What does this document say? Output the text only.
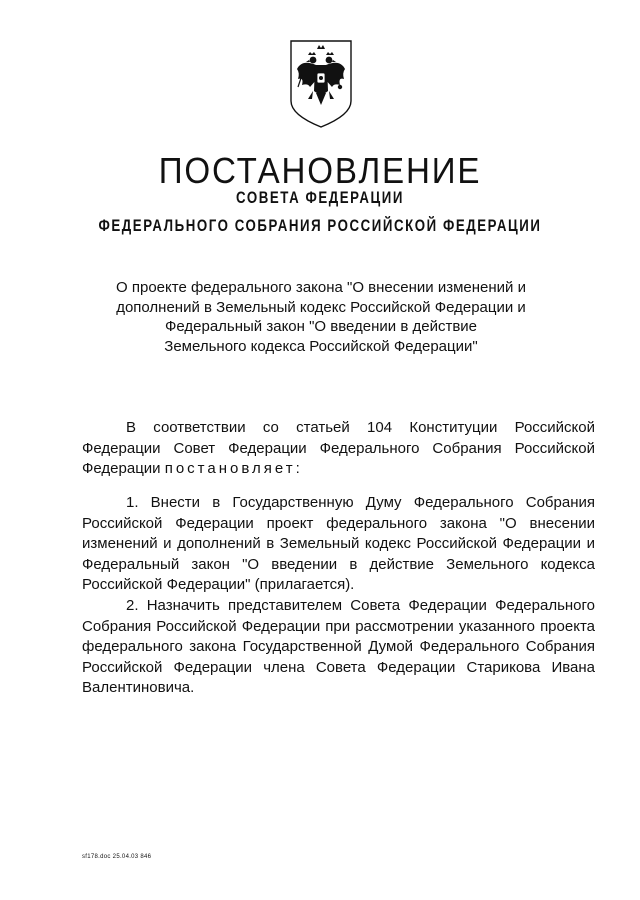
ПОСТАНОВЛЕНИЕ
СОВЕТА ФЕДЕРАЦИИ
ФЕДЕРАЛЬНОГО СОБРАНИЯ РОССИЙСКОЙ ФЕДЕРАЦИИ
О проекте федерального закона "О внесении изменений и
дополнений в Земельный кодекс Российской Федерации и
Федеральный закон "О введении в действие
Земельного кодекса Российской Федерации"
В соответствии со статьей 104 Конституции Российской Федерации Совет Федерации Федерального Собрания Российской Федерации постановляет:
1. Внести в Государственную Думу Федерального Собрания Российской Федерации проект федерального закона "О внесении изменений и дополнений в Земельный кодекс Российской Федерации и Федеральный закон "О введении в действие Земельного кодекса Российской Федерации" (прилагается).
2. Назначить представителем Совета Федерации Федерального Собрания Российской Федерации при рассмотрении указанного проекта федерального закона Государственной Думой Федерального Собрания Российской Федерации члена Совета Федерации Старикова Ивана Валентиновича.
sf178.doc 25.04.03 846
